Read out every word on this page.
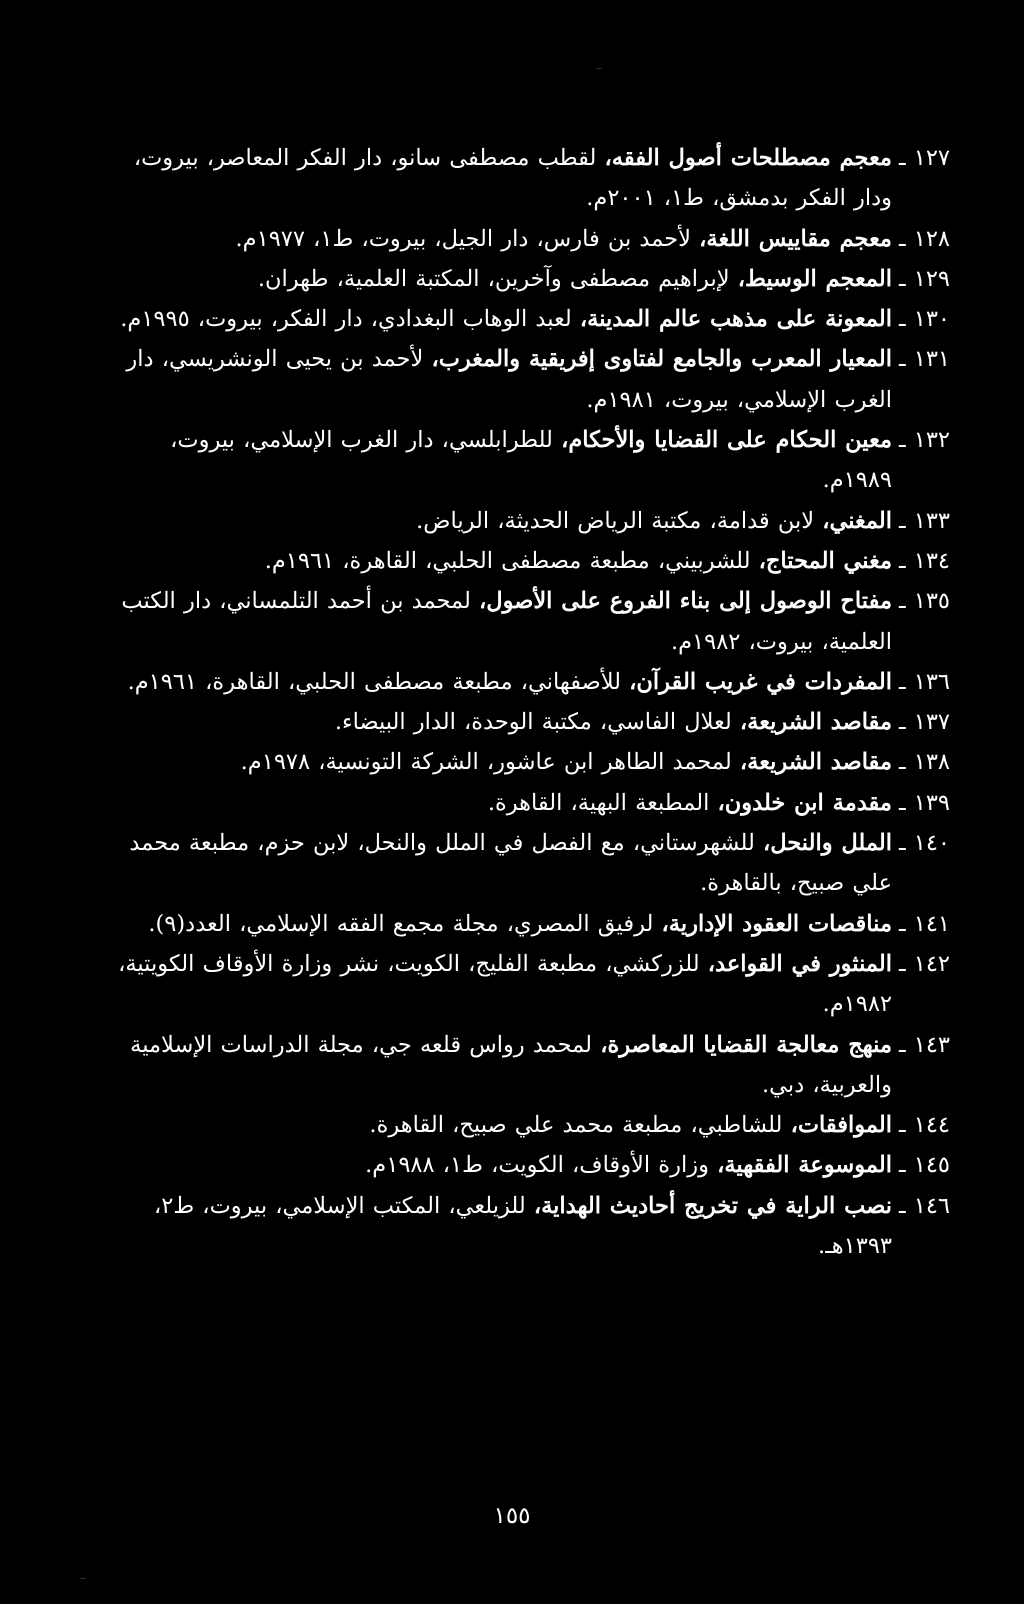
١٢٧ ـ
معجم مصطلحات أصول الفقه، لقطب مصطفى سانو، دار الفكر المعاصر، بيروت، ودار الفكر بدمشق، ط١، ٢٠٠١م.
١٢٨ ـ
معجم مقاييس اللغة، لأحمد بن فارس، دار الجيل، بيروت، ط١، ١٩٧٧م.
١٢٩ ـ
المعجم الوسيط، لإبراهيم مصطفى وآخرين، المكتبة العلمية، طهران.
١٣٠ ـ
المعونة على مذهب عالم المدينة، لعبد الوهاب البغدادي، دار الفكر، بيروت، ١٩٩٥م.
١٣١ ـ
المعيار المعرب والجامع لفتاوى إفريقية والمغرب، لأحمد بن يحيى الونشريسي، دار الغرب الإسلامي، بيروت، ١٩٨١م.
١٣٢ ـ
معين الحكام على القضايا والأحكام، للطرابلسي، دار الغرب الإسلامي، بيروت، ١٩٨٩م.
١٣٣ ـ
المغني، لابن قدامة، مكتبة الرياض الحديثة، الرياض.
١٣٤ ـ
مغني المحتاج، للشربيني، مطبعة مصطفى الحلبي، القاهرة، ١٩٦١م.
١٣٥ ـ
مفتاح الوصول إلى بناء الفروع على الأصول، لمحمد بن أحمد التلمساني، دار الكتب العلمية، بيروت، ١٩٨٢م.
١٣٦ ـ
المفردات في غريب القرآن، للأصفهاني، مطبعة مصطفى الحلبي، القاهرة، ١٩٦١م.
١٣٧ ـ
مقاصد الشريعة، لعلال الفاسي، مكتبة الوحدة، الدار البيضاء.
١٣٨ ـ
مقاصد الشريعة، لمحمد الطاهر ابن عاشور، الشركة التونسية، ١٩٧٨م.
١٣٩ ـ
مقدمة ابن خلدون، المطبعة البهية، القاهرة.
١٤٠ ـ
الملل والنحل، للشهرستاني، مع الفصل في الملل والنحل، لابن حزم، مطبعة محمد علي صبيح، بالقاهرة.
١٤١ ـ
مناقصات العقود الإدارية، لرفيق المصري، مجلة مجمع الفقه الإسلامي، العدد(٩).
١٤٢ ـ
المنثور في القواعد، للزركشي، مطبعة الفليج، الكويت، نشر وزارة الأوقاف الكويتية، ١٩٨٢م.
١٤٣ ـ
منهج معالجة القضايا المعاصرة، لمحمد رواس قلعه جي، مجلة الدراسات الإسلامية والعربية، دبي.
١٤٤ ـ
الموافقات، للشاطبي، مطبعة محمد علي صبيح، القاهرة.
١٤٥ ـ
الموسوعة الفقهية، وزارة الأوقاف، الكويت، ط١، ١٩٨٨م.
١٤٦ ـ
نصب الراية في تخريج أحاديث الهداية، للزيلعي، المكتب الإسلامي، بيروت، ط٢، ١٣٩٣هـ.
١٥٥
